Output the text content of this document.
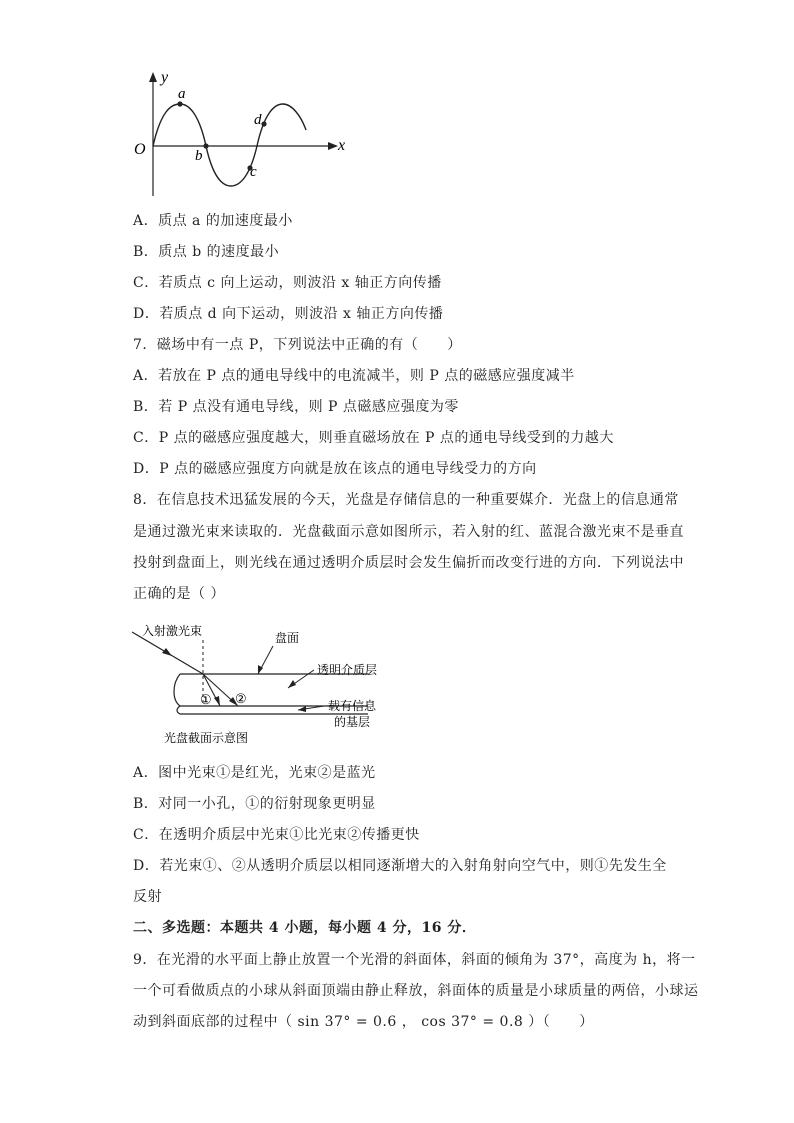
y
x
O
a
b
c
d
A．质点 a 的加速度最小
B．质点 b 的速度最小
C．若质点 c 向上运动，则波沿 x 轴正方向传播
D．若质点 d 向下运动，则波沿 x 轴正方向传播
7．磁场中有一点 P，下列说法中正确的有（　　）
A．若放在 P 点的通电导线中的电流减半，则 P 点的磁感应强度减半
B．若 P 点没有通电导线，则 P 点磁感应强度为零
C．P 点的磁感应强度越大，则垂直磁场放在 P 点的通电导线受到的力越大
D．P 点的磁感应强度方向就是放在该点的通电导线受力的方向
8．在信息技术迅猛发展的今天，光盘是存储信息的一种重要媒介．光盘上的信息通常
是通过激光束来读取的．光盘截面示意如图所示，若入射的红、蓝混合激光束不是垂直
投射到盘面上，则光线在通过透明介质层时会发生偏折而改变行进的方向．下列说法中
正确的是（ ）
入射激光束	盘面
透明介质层
① ②	载有信息
的基层
光盘截面示意图
A．图中光束①是红光，光束②是蓝光
B．对同一小孔，①的衍射现象更明显
C．在透明介质层中光束①比光束②传播更快
D．若光束①、②从透明介质层以相同逐渐增大的入射角射向空气中，则①先发生全
反射
二、多选题：本题共 4 小题，每小题 4 分，16 分．
9．在光滑的水平面上静止放置一个光滑的斜面体，斜面的倾角为 37°，高度为 h，将一
一个可看做质点的小球从斜面顶端由静止释放，斜面体的质量是小球质量的两倍，小球运
动到斜面底部的过程中（ sin 37° = 0.6 ， cos 37° = 0.8 ）（　　）
